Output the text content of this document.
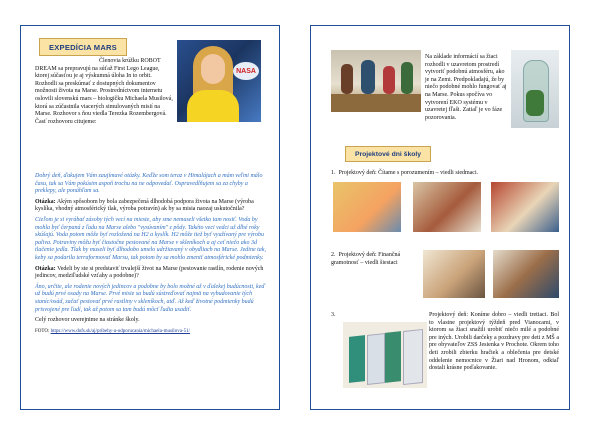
EXPEDÍCIA MARS
NASA

Členovia krúžku ROBOT DREAM sa prepravujú na súťaž First Lego League, ktorej súčasťou je aj výskumná úloha In to orbit. Rozhodli sa preskúmať z dostupných dokumentov možnosti života na Marse. Prostredníctvom internetu oslovili slovenskú mars – biologičku Michaela Musilová, ktorá sa zúčastnila viacerých simulovaných misií na Marse. Rozhovor s ňou viedla Terezka Rozembergová. Časť rozhovoru citujeme:

Dobrý deň, ďakujem Vám zaujímavé otázky. Keďže som teraz v Himalájach a mám veľmi málo času, tak sa Vám pokúsim aspoň trochu na ne odpovedať. Ospravedlňujem sa za chyby a preklepy, ale ponáhľam sa.

Otázka: Akým spôsobom by bola zabezpečená dlhodobá podpora života na Marse (výroba kyslíka, vhodný atmosférický tlak, výroba potravín) ak by sa misia naozaj uskutočnila?

Cieľom je si vyrábať zásoby tých vecí na mieste, aby sme nemuseli všetko tam nosiť. Voda by mohla byť čerpaná z ľadu na Marse alebo "vysúvaním" z pôdy. Takéto veci vedci už dlhé roky skúšajú. Voda potom môže byť rozložená na H2 a kyslík. H2 môže tiež byť využívaný pre výrobu paliva. Potraviny môžu byť čiastočne pestované na Marse v skleníkoch a aj ceť niečo ako 3d tlačenie jedla. Tlak by museli byť dlhodobo umelo udržiavaný v obydliach na Marse. Jedine tak, keby sa podarila terraformovať Marsu, tak potom by sa mohlo zmeniť atmosférické podmienky.

Otázka: Vedeli by ste si predstaviť trvalejší život na Marse (pestovanie rastlín, rodenie nových jedincov, medziľudské vzťahy a podobne)?

Áno, určite, ale rodenie nových jedincov a podobne by bolo možné až v ďalekej budúcnosti, keď už budú prvé osady na Marse. Prvé misie sa budú sústreďovať najmä na vybudovanie tých staníc/osád, začať pestovať prvé rastliny v skleníkoch, atď. Až keď životné podmienky budú prisvojené pre ľudí, tak až potom sa tam budú môcť ľudia usadiť.

Celý rozhovor uverejnime na stránke školy.

FOTO: https://www.dofs.sk/aj/pribehy-a-odporucania/michaela-musilova-51/

Na základe informácií sa žiaci rozhodli v uzavretom prostredí vytvoriť podobnú atmosféru, ako je na Zemi. Predpokladajú, že by niečo podobné mohlo fungovať aj na Marse. Pokus spočíva vo vytvorení EKO systému v uzavretej fľaši. Zatiaľ je vo fáze pozorovania.

Projektové dni školy
1. Projektový deň: Čítame s porozumením – viedli siedmaci.
2. Projektový deň: Finančná gramotnosť – viedli šiestaci
3.	Projektový deň: Koníme dobro – viedli tretiaci. Bol to vlastne projektový týždeň pred Vianocami, v ktorom sa žiaci snažili urobiť niečo milé a podobné pre iných. Urobili darčeky a pozdravy pre deti z MŠ a pre obyvateľov ZSS Jesienka v Prochote. Okrem toho deti zrobili zbierku hračiek a oblečenia pre detské oddelenie nemocnice v Žiari nad Hronom, odkiaľ dostali krásne poďakovanie.
